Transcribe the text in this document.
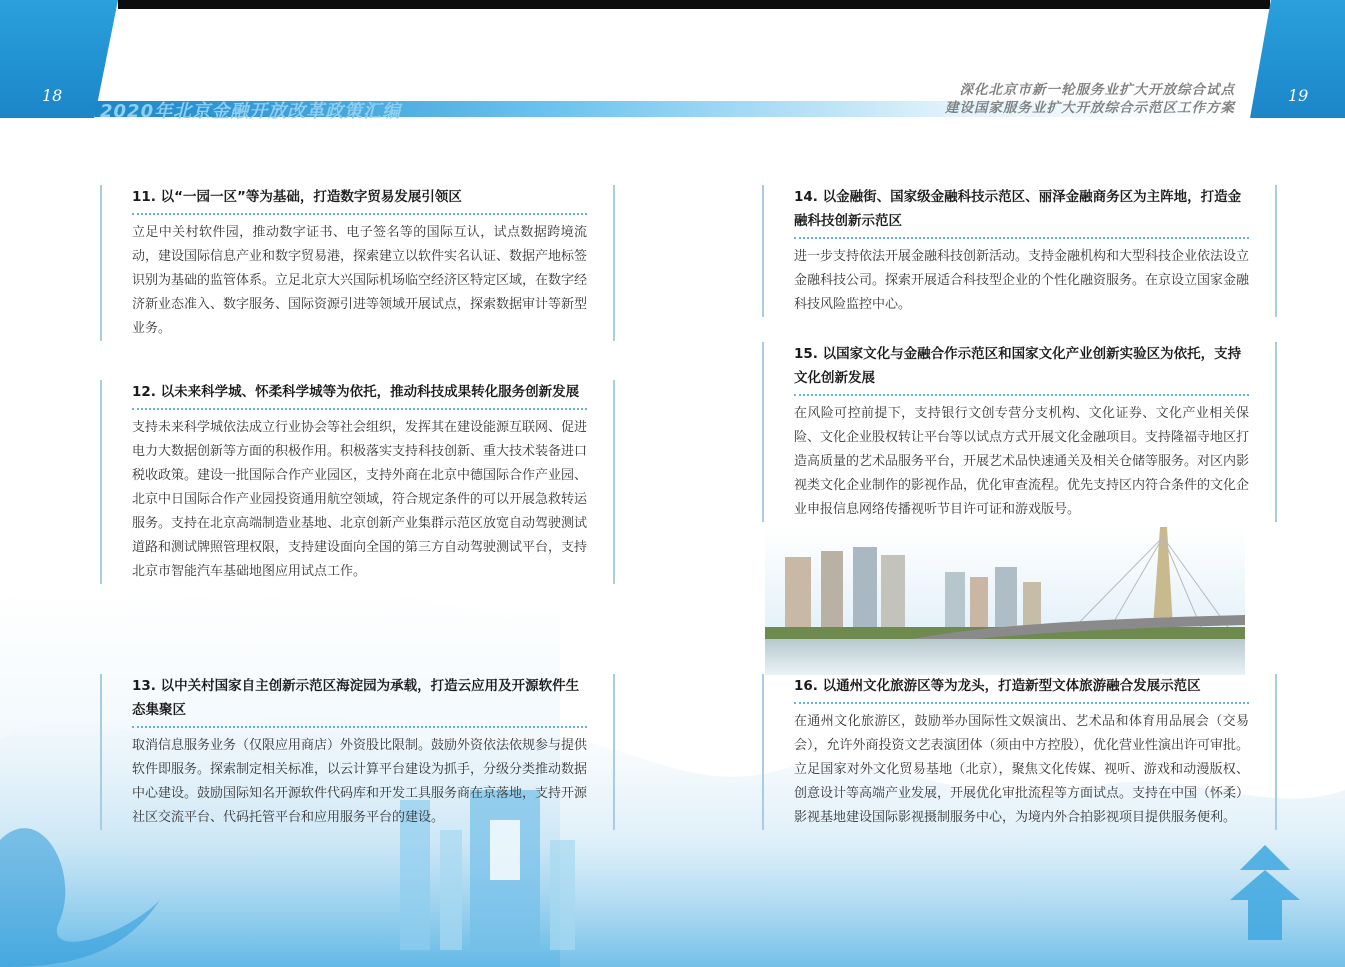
18	19
2020年北京金融开放改革政策汇编
深化北京市新一轮服务业扩大开放综合试点
建设国家服务业扩大开放综合示范区工作方案
11. 以“一园一区”等为基础，打造数字贸易发展引领区
立足中关村软件园，推动数字证书、电子签名等的国际互认，试点数据跨境流动，建设国际信息产业和数字贸易港，探索建立以软件实名认证、数据产地标签识别为基础的监管体系。立足北京大兴国际机场临空经济区特定区域，在数字经济新业态准入、数字服务、国际资源引进等领域开展试点，探索数据审计等新型业务。
12. 以未来科学城、怀柔科学城等为依托，推动科技成果转化服务创新发展
支持未来科学城依法成立行业协会等社会组织，发挥其在建设能源互联网、促进电力大数据创新等方面的积极作用。积极落实支持科技创新、重大技术装备进口税收政策。建设一批国际合作产业园区，支持外商在北京中德国际合作产业园、北京中日国际合作产业园投资通用航空领域，符合规定条件的可以开展急救转运服务。支持在北京高端制造业基地、北京创新产业集群示范区放宽自动驾驶测试道路和测试牌照管理权限，支持建设面向全国的第三方自动驾驶测试平台，支持北京市智能汽车基础地图应用试点工作。
13. 以中关村国家自主创新示范区海淀园为承载，打造云应用及开源软件生态集聚区
取消信息服务业务（仅限应用商店）外资股比限制。鼓励外资依法依规参与提供软件即服务。探索制定相关标准，以云计算平台建设为抓手，分级分类推动数据中心建设。鼓励国际知名开源软件代码库和开发工具服务商在京落地，支持开源社区交流平台、代码托管平台和应用服务平台的建设。
14. 以金融街、国家级金融科技示范区、丽泽金融商务区为主阵地，打造金融科技创新示范区
进一步支持依法开展金融科技创新活动。支持金融机构和大型科技企业依法设立金融科技公司。探索开展适合科技型企业的个性化融资服务。在京设立国家金融科技风险监控中心。
15. 以国家文化与金融合作示范区和国家文化产业创新实验区为依托，支持文化创新发展
在风险可控前提下，支持银行文创专营分支机构、文化证券、文化产业相关保险、文化企业股权转让平台等以试点方式开展文化金融项目。支持隆福寺地区打造高质量的艺术品服务平台，开展艺术品快速通关及相关仓储等服务。对区内影视类文化企业制作的影视作品，优化审查流程。优先支持区内符合条件的文化企业申报信息网络传播视听节目许可证和游戏版号。
16. 以通州文化旅游区等为龙头，打造新型文体旅游融合发展示范区
在通州文化旅游区，鼓励举办国际性文娱演出、艺术品和体育用品展会（交易会），允许外商投资文艺表演团体（须由中方控股），优化营业性演出许可审批。立足国家对外文化贸易基地（北京），聚焦文化传媒、视听、游戏和动漫版权、创意设计等高端产业发展，开展优化审批流程等方面试点。支持在中国（怀柔）影视基地建设国际影视摄制服务中心，为境内外合拍影视项目提供服务便利。
